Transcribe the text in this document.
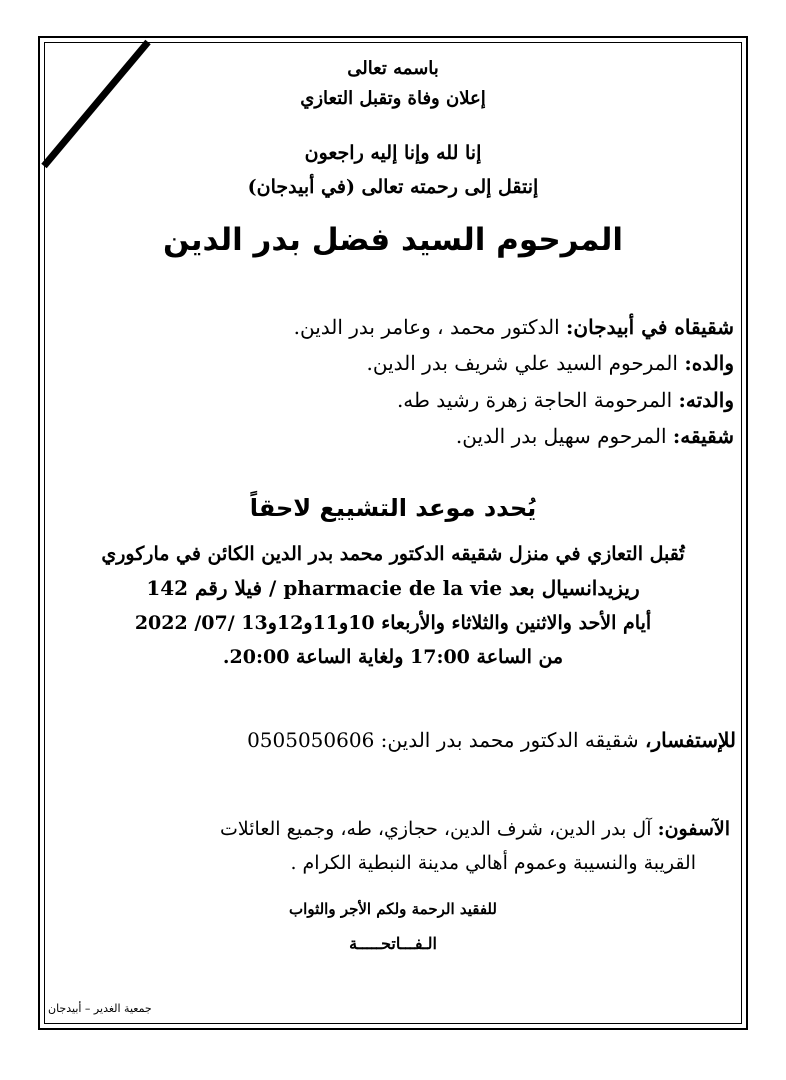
باسمه تعالى
إعلان وفاة وتقبل التعازي
إنا لله وإنا إليه راجعون
إنتقل إلى رحمته تعالى (في أبيدجان)
المرحوم السيد فضل بدر الدين
شقيقاه في أبيدجان: الدكتور محمد ، وعامر بدر الدين.
والده: المرحوم السيد علي شريف بدر الدين.
والدته: المرحومة الحاجة زهرة رشيد طه.
شقيقه: المرحوم سهيل بدر الدين.
يُحدد موعد التشييع لاحقاً
تُقبل التعازي في منزل شقيقه الدكتور محمد بدر الدين الكائن في ماركوري
ريزيدانسيال بعد pharmacie de la vie / فيلا رقم 142
أيام الأحد والاثنين والثلاثاء والأربعاء 10و11و12و13 /07/ 2022
من الساعة 17:00 ولغاية الساعة 20:00.
للإستفسار، شقيقه الدكتور محمد بدر الدين: 0505050606
الآسفون: آل بدر الدين، شرف الدين، حجازي، طه، وجميع العائلات
القريبة والنسيبة وعموم أهالي مدينة النبطية الكرام .
للفقيد الرحمة ولكم الأجر والثواب
الـفـــاتحـــــة
جمعية الغدير – أبيدجان
